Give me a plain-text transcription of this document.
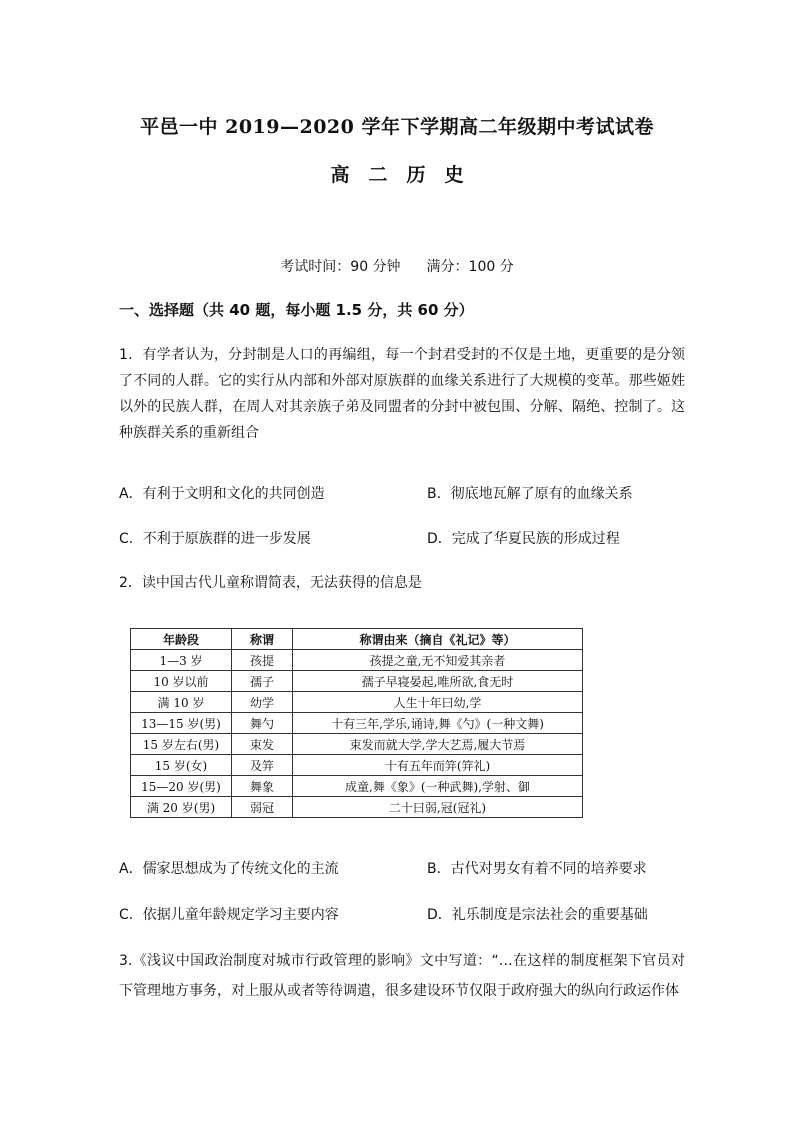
平邑一中 2019—2020 学年下学期高二年级期中考试试卷
高　二　历　史
考试时间：90 分钟 满分：100 分
一、选择题（共 40 题，每小题 1.5 分，共 60 分）
1．有学者认为，分封制是人口的再编组，每一个封君受封的不仅是土地，更重要的是分领了不同的人群。它的实行从内部和外部对原族群的血缘关系进行了大规模的变革。那些姬姓以外的民族人群，在周人对其亲族子弟及同盟者的分封中被包围、分解、隔绝、控制了。这种族群关系的重新组合
A．有利于文明和文化的共同创造	B．彻底地瓦解了原有的血缘关系
C．不利于原族群的进一步发展	D．完成了华夏民族的形成过程
2．读中国古代儿童称谓简表，无法获得的信息是
年龄段	称谓	称谓由来（摘自《礼记》等）
1—3 岁	孩提	孩提之童,无不知爱其亲者
10 岁以前	孺子	孺子早寝晏起,唯所欲,食无时
满 10 岁	幼学	人生十年曰幼,学
13—15 岁(男)	舞勺	十有三年,学乐,诵诗,舞《勺》(一种文舞)
15 岁左右(男)	束发	束发而就大学,学大艺焉,履大节焉
15 岁(女)	及笄	十有五年而笄(笄礼)
15—20 岁(男)	舞象	成童,舞《象》(一种武舞),学射、御
满 20 岁(男)	弱冠	二十曰弱,冠(冠礼)
A．儒家思想成为了传统文化的主流	B．古代对男女有着不同的培养要求
C．依据儿童年龄规定学习主要内容	D．礼乐制度是宗法社会的重要基础
3.《浅议中国政治制度对城市行政管理的影响》文中写道：“…在这样的制度框架下官员对下管理地方事务，对上服从或者等待调遣，很多建设环节仅限于政府强大的纵向行政运作体
